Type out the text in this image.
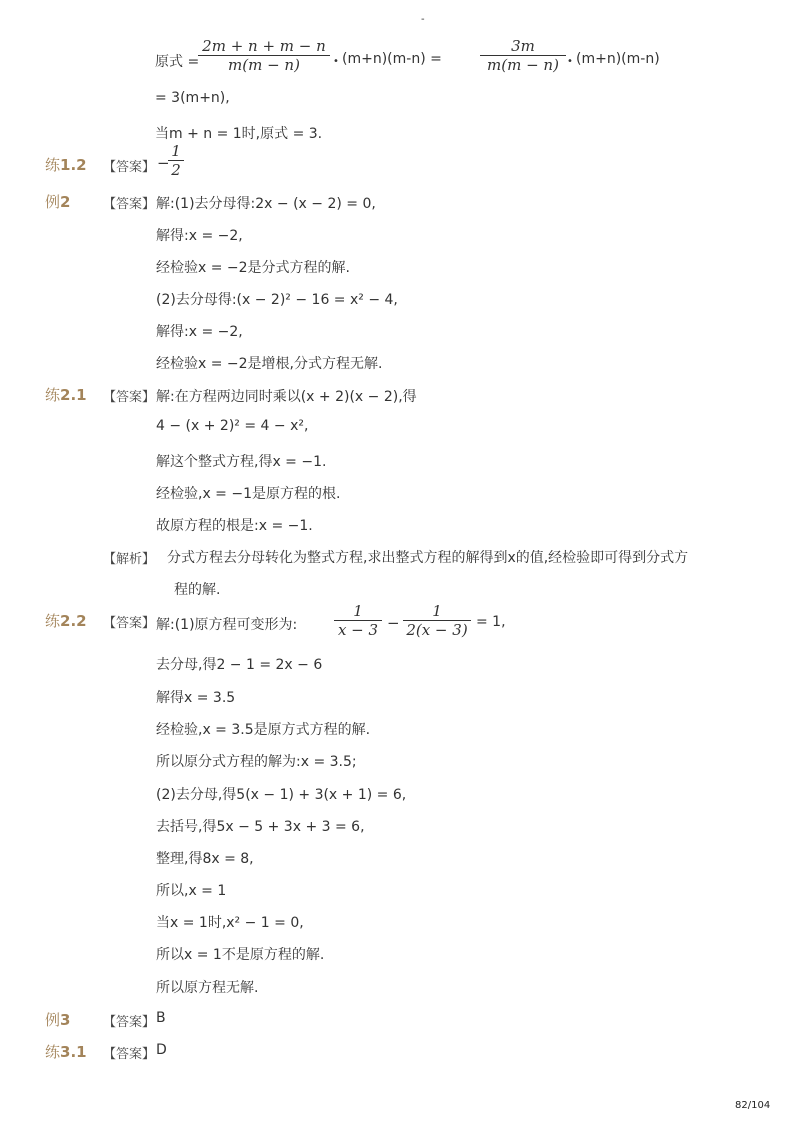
-
原式 =
2m + n + m − n
m(m − n)	• (m+n)(m-n) =
3m
m(m − n) • (m+n)(m-n)
= 3(m+n),
当m + n = 1时,原式 = 3.
练1.2 【答案】 −
1
2
例2	【答案】 解:(1)去分母得:2x − (x − 2) = 0,
解得:x = −2,
经检验x = −2是分式方程的解.
(2)去分母得:(x − 2)² − 16 = x² − 4,
解得:x = −2,
经检验x = −2是增根,分式方程无解.
练2.1 【答案】 解:在方程两边同时乘以(x + 2)(x − 2),得
4 − (x + 2)² = 4 − x²,
解这个整式方程,得x = −1.
经检验,x = −1是原方程的根.
故原方程的根是:x = −1.
【解析】 分式方程去分母转化为整式方程,求出整式方程的解得到x的值,经检验即可得到分式方
程的解.
练2.2 【答案】 解:(1)原方程可变形为:
1
x − 3 −
1
2(x − 3) = 1,
去分母,得2 − 1 = 2x − 6
解得x = 3.5
经检验,x = 3.5是原方式方程的解.
所以原分式方程的解为:x = 3.5;
(2)去分母,得5(x − 1) + 3(x + 1) = 6,
去括号,得5x − 5 + 3x + 3 = 6,
整理,得8x = 8,
所以,x = 1
当x = 1时,x² − 1 = 0,
所以x = 1不是原方程的解.
所以原方程无解.
例3	【答案】 B
练3.1 【答案】 D
82/104
